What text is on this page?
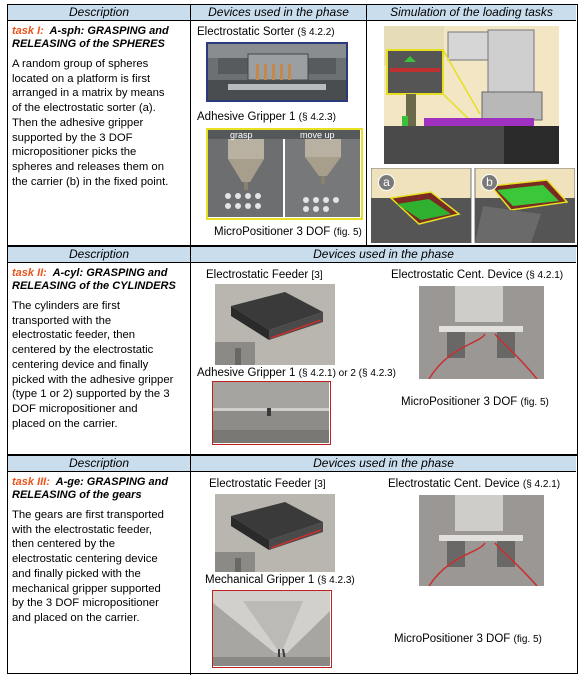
Description	Devices used in the phase	Simulation of the loading tasks
task I: A-sph: GRASPING and
RELEASING of the SPHERES
A random group of spheres
located on a platform is first
arranged in a matrix by means
of the electrostatic sorter (a).
Then the adhesive gripper
supported by the 3 DOF
micropositioner picks the
spheres and releases them on
the carrier (b) in the fixed point.
Electrostatic Sorter (§ 4.2.2)
Adhesive Gripper 1 (§ 4.2.3)
grasp	move up
MicroPositioner 3 DOF (fig. 5)
a	b
Description	Devices used in the phase
task II: A-cyl: GRASPING and
RELEASING of the CYLINDERS
The cylinders are first
transported with the
electrostatic feeder, then
centered by the electrostatic
centering device and finally
picked with the adhesive gripper
(type 1 or 2) supported by the 3
DOF micropositioner and
placed on the carrier.
Electrostatic Feeder [3]	Electrostatic Cent. Device (§ 4.2.1)
Adhesive Gripper 1 (§ 4.2.1) or 2 (§ 4.2.3)
MicroPositioner 3 DOF (fig. 5)
Description	Devices used in the phase
task III: A-ge: GRASPING and
RELEASING of the gears
The gears are first transported
with the electrostatic feeder,
then centered by the
electrostatic centering device
and finally picked with the
mechanical gripper supported
by the 3 DOF micropositioner
and placed on the carrier.
Electrostatic Feeder [3]	Electrostatic Cent. Device (§ 4.2.1)
Mechanical Gripper 1 (§ 4.2.3)
MicroPositioner 3 DOF (fig. 5)
